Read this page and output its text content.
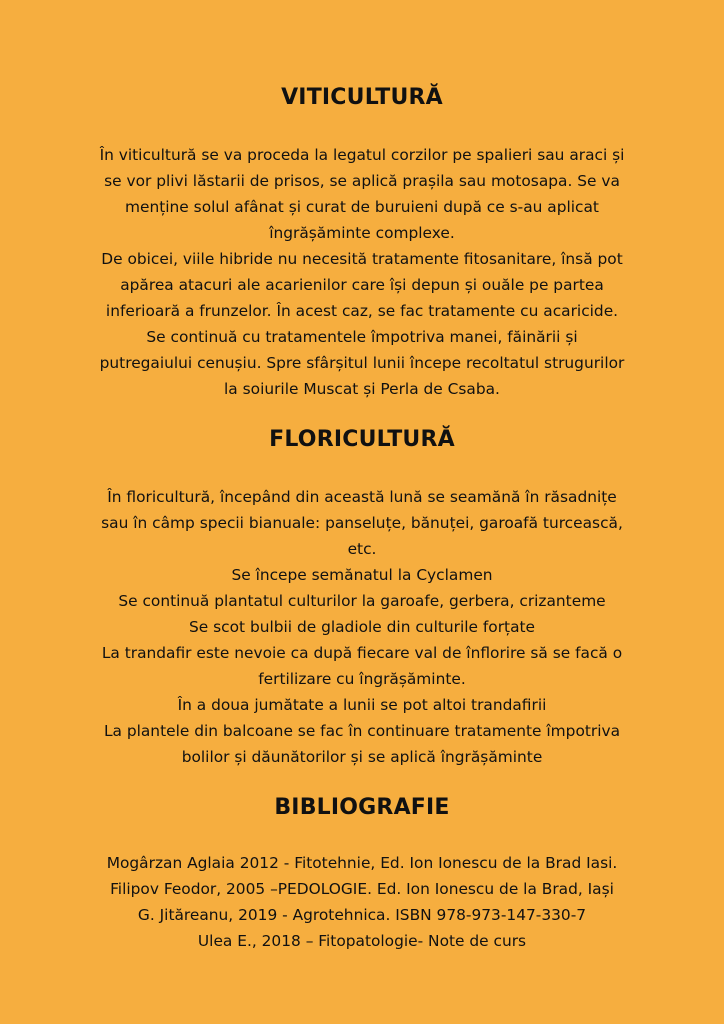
VITICULTURĂ
În viticultură se va proceda la legatul corzilor pe spalieri sau araci și
se vor plivi lăstarii de prisos, se aplică prașila sau motosapa. Se va
menține solul afânat și curat de buruieni după ce s-au aplicat
îngrășăminte complexe.
De obicei, viile hibride nu necesită tratamente fitosanitare, însă pot
apărea atacuri ale acarienilor care își depun și ouăle pe partea
inferioară a frunzelor. În acest caz, se fac tratamente cu acaricide.
Se continuă cu tratamentele împotriva manei, făinării și
putregaiului cenușiu. Spre sfârșitul lunii începe recoltatul strugurilor
la soiurile Muscat și Perla de Csaba.
FLORICULTURĂ
În floricultură, începând din această lună se seamănă în răsadnițe
sau în câmp specii bianuale: panseluțe, bănuței, garoafă turcească,
etc.
Se începe semănatul la Cyclamen
Se continuă plantatul culturilor la garoafe, gerbera, crizanteme
Se scot bulbii de gladiole din culturile forțate
La trandafir este nevoie ca după fiecare val de înflorire să se facă o
fertilizare cu îngrășăminte.
În a doua jumătate a lunii se pot altoi trandafirii
La plantele din balcoane se fac în continuare tratamente împotriva
bolilor și dăunătorilor și se aplică îngrășăminte
BIBLIOGRAFIE
Mogârzan Aglaia 2012 - Fitotehnie, Ed. Ion Ionescu de la Brad Iasi.
Filipov Feodor, 2005 –PEDOLOGIE. Ed. Ion Ionescu de la Brad, Iași
G. Jităreanu, 2019 - Agrotehnica. ISBN 978-973-147-330-7
Ulea E., 2018 – Fitopatologie- Note de curs
